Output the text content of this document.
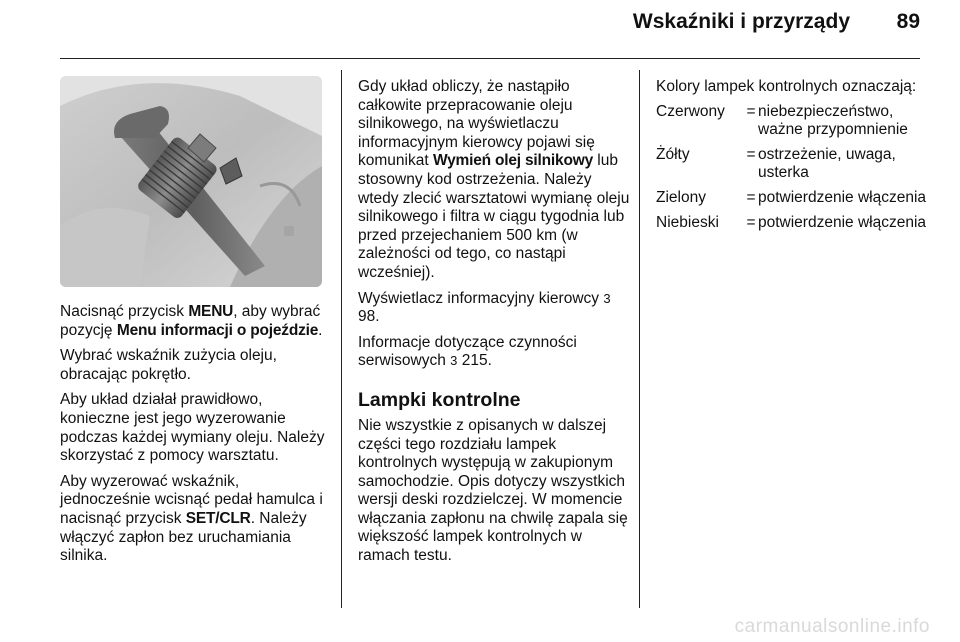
Wskaźniki i przyrządy 89

Nacisnąć przycisk MENU, aby wybrać pozycję Menu informacji o pojeździe.

Wybrać wskaźnik zużycia oleju, obracając pokrętło.

Aby układ działał prawidłowo, konieczne jest jego wyzerowanie podczas każdej wymiany oleju. Należy skorzystać z pomocy warsztatu.

Aby wyzerować wskaźnik, jednocześnie wcisnąć pedał hamulca i nacisnąć przycisk SET/CLR. Należy włączyć zapłon bez uruchamiania silnika.

Gdy układ obliczy, że nastąpiło całkowite przepracowanie oleju silnikowego, na wyświetlaczu informacyjnym kierowcy pojawi się komunikat Wymień olej silnikowy lub stosowny kod ostrzeżenia. Należy wtedy zlecić warsztatowi wymianę oleju silnikowego i filtra w ciągu tygodnia lub przed przejechaniem 500 km (w zależności od tego, co nastąpi wcześniej).

Wyświetlacz informacyjny kierowcy 3 98.

Informacje dotyczące czynności serwisowych 3 215.

Lampki kontrolne

Nie wszystkie z opisanych w dalszej części tego rozdziału lampek kontrolnych występują w zakupionym samochodzie. Opis dotyczy wszystkich wersji deski rozdzielczej. W momencie włączania zapłonu na chwilę zapala się większość lampek kontrolnych w ramach testu.

Kolory lampek kontrolnych oznaczają:

Czerwony	=	niebezpieczeństwo, ważne przypomnienie
Żółty	=	ostrzeżenie, uwaga, usterka
Zielony	=	potwierdzenie włączenia
Niebieski	=	potwierdzenie włączenia
carmanualsonline.info
